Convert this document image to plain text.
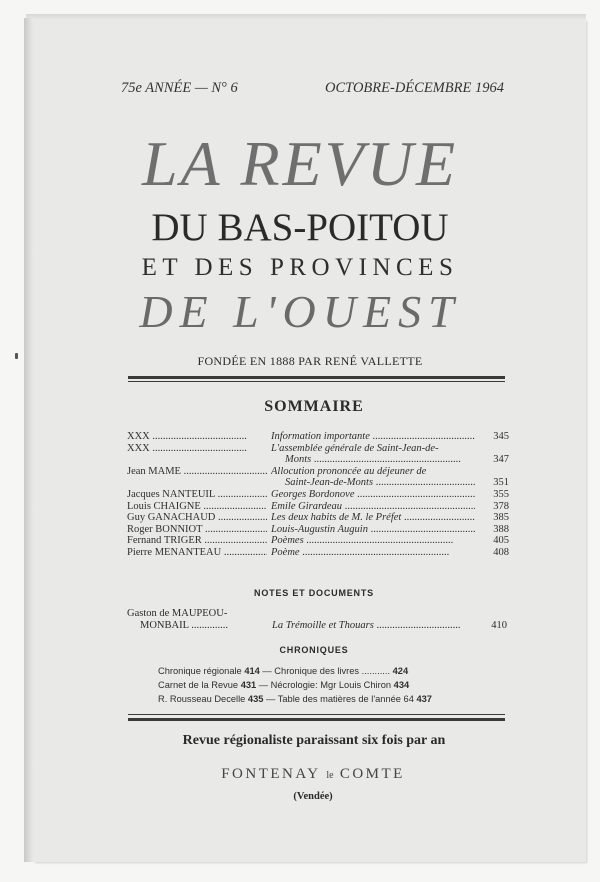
75e ANNÉE — N° 6	OCTOBRE-DÉCEMBRE 1964
LA REVUE
DU BAS-POITOU
ET DES PROVINCES
DE L'OUEST
FONDÉE EN 1888 PAR RENÉ VALLETTE
SOMMAIRE
XXX .....	Information importante .....	345
XXX .....	L'assemblée générale de Saint-Jean-de-
Monts .....	347
Jean MAME .....	Allocution prononcée au déjeuner de
Saint-Jean-de-Monts .....	351
Jacques NANTEUIL .....	Georges Bordonove .....	355
Louis CHAIGNE .....	Emile Girardeau .....	378
Guy GANACHAUD .....	Les deux habits de M. le Préfet .....	385
Roger BONNIOT .....	Louis-Augustin Auguin .....	388
Fernand TRIGER .....	Poèmes .....	405
Pierre MENANTEAU .....	Poème .....	408
NOTES ET DOCUMENTS
Gaston de MAUPEOU-
MONBAIL .....	La Trémoille et Thouars .....	410
CHRONIQUES
Chronique régionale 414 — Chronique des livres ........... 424
Carnet de la Revue 431 — Nécrologie: Mgr Louis Chiron 434
R. Rousseau Decelle 435 — Table des matières de l'année 64 437
Revue régionaliste paraissant six fois par an
FONTENAY le COMTE
(Vendée)
